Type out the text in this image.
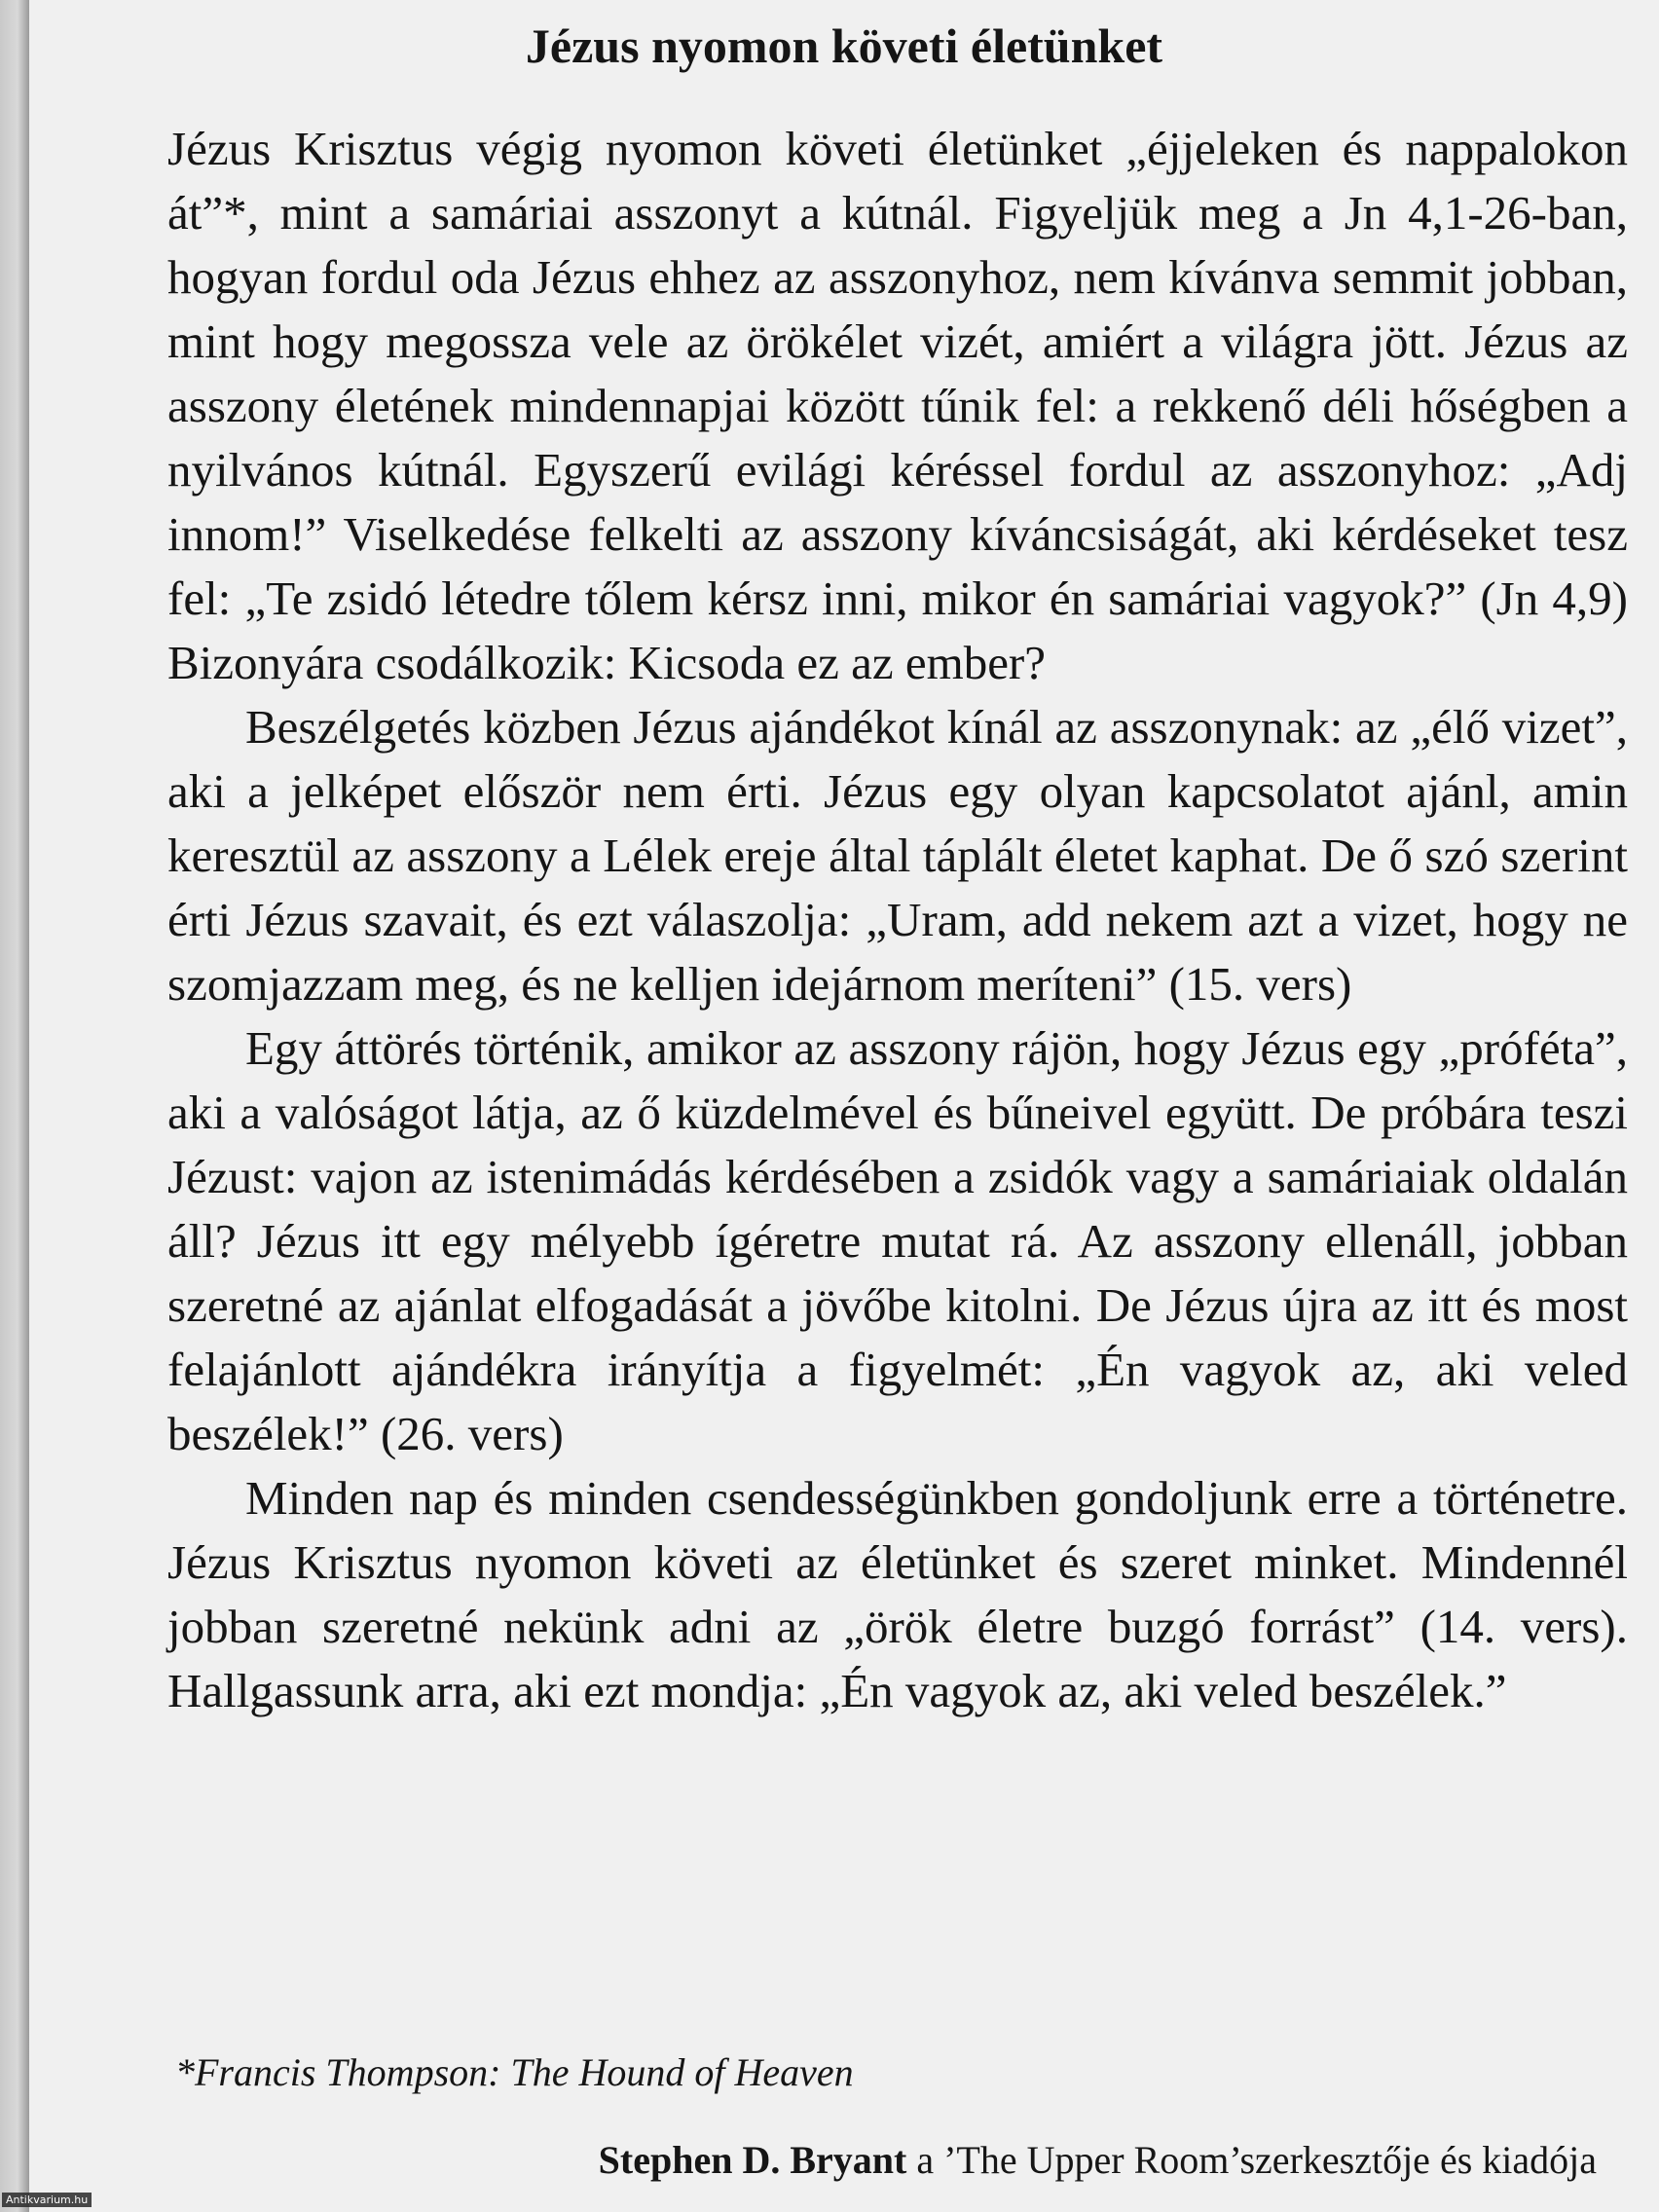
Jézus nyomon követi életünket

Jézus Krisztus végig nyomon követi életünket „éjjeleken és nappalokon át”*, mint a samáriai asszonyt a kútnál. Figyeljük meg a Jn 4,1-26-ban, hogyan fordul oda Jézus ehhez az asszonyhoz, nem kívánva semmit jobban, mint hogy megossza vele az örökélet vizét, amiért a világra jött. Jézus az asszony életének mindennapjai között tűnik fel: a rekkenő déli hőségben a nyilvános kútnál. Egyszerű evilági kéréssel fordul az asszonyhoz: „Adj innom!” Viselkedése felkelti az asszony kíváncsiságát, aki kérdéseket tesz fel: „Te zsidó létedre tőlem kérsz inni, mikor én samáriai vagyok?” (Jn 4,9) Bizonyára csodálkozik: Kicsoda ez az ember?

Beszélgetés közben Jézus ajándékot kínál az asszonynak: az „élő vizet”, aki a jelképet először nem érti. Jézus egy olyan kapcsolatot ajánl, amin keresztül az asszony a Lélek ereje által táplált életet kaphat. De ő szó szerint érti Jézus szavait, és ezt válaszolja: „Uram, add nekem azt a vizet, hogy ne szomjazzam meg, és ne kelljen idejárnom meríteni” (15. vers)

Egy áttörés történik, amikor az asszony rájön, hogy Jézus egy „próféta”, aki a valóságot látja, az ő küzdelmével és bűneivel együtt. De próbára teszi Jézust: vajon az istenimádás kérdésében a zsidók vagy a samáriaiak oldalán áll? Jézus itt egy mélyebb ígéretre mutat rá. Az asszony ellenáll, jobban szeretné az ajánlat elfogadását a jövőbe kitolni. De Jézus újra az itt és most felajánlott ajándékra irányítja a figyelmét: „Én vagyok az, aki veled beszélek!” (26. vers)

Minden nap és minden csendességünkben gondoljunk erre a történetre. Jézus Krisztus nyomon követi az életünket és szeret minket. Mindennél jobban szeretné nekünk adni az „örök életre buzgó forrást” (14. vers). Hallgassunk arra, aki ezt mondja: „Én vagyok az, aki veled beszélek.”

*Francis Thompson: The Hound of Heaven
Stephen D. Bryant a ’The Upper Room’szerkesztője és kiadója
Antikvarium.hu
